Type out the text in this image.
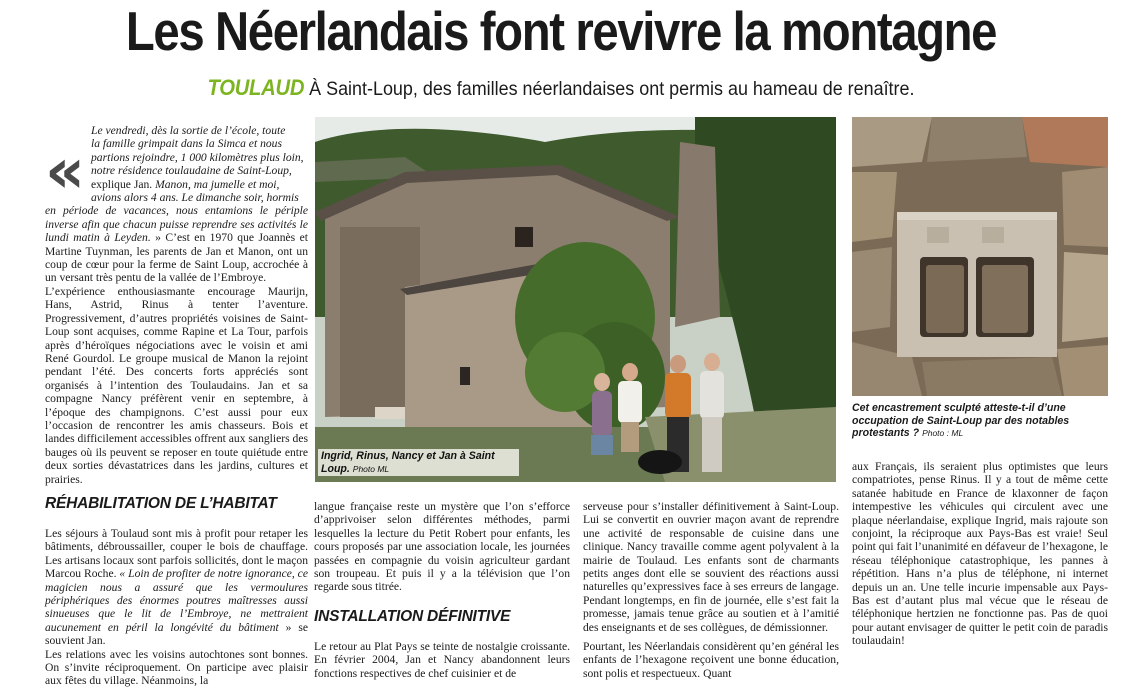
Les Néerlandais font revivre la montagne
TOULAUD À Saint-Loup, des familles néerlandaises ont permis au hameau de renaître.
«

Le vendredi, dès la sortie de l’école, toute

la famille grimpait dans la Simca et nous

partions rejoindre, 1 000 kilomètres plus loin,

notre résidence toulaudaine de Saint-Loup,

explique Jan. Manon, ma jumelle et moi,

avions alors 4 ans. Le dimanche soir, hormis

en période de vacances, nous entamions le périple inverse afin que chacun puisse reprendre ses activités le lundi matin à Leyden. » C’est en 1970 que Joannès et Martine Tuynman, les parents de Jan et Manon, ont un coup de cœur pour la ferme de Saint Loup, accrochée à un versant très pentu de la vallée de l’Embroye.

L’expérience enthousiasmante encourage Maurijn, Hans, Astrid, Rinus à tenter l’aventure. Progressivement, d’autres propriétés voisines de Saint-Loup sont acquises, comme Rapine et La Tour, parfois après d’héroïques négociations avec le voisin et ami René Gourdol. Le groupe musical de Manon la rejoint pendant l’été. Des concerts forts appréciés sont organisés à l’intention des Toulaudains. Jan et sa compagne Nancy préfèrent venir en septembre, à l’époque des champignons. C’est aussi pour eux l’occasion de rencontrer les amis chasseurs. Bois et landes difficilement accessibles offrent aux sangliers des bauges où ils peuvent se reposer en toute quiétude entre deux sorties dévastatrices dans les jardins, cultures et prairies.

RÉHABILITATION DE L’HABITAT

Les séjours à Toulaud sont mis à profit pour retaper les bâtiments, débroussailler, couper le bois de chauffage. Les artisans locaux sont parfois sollicités, dont le maçon Marcou Roche. « Loin de profiter de notre ignorance, ce magicien nous a assuré que les vermoulures périphériques des énormes poutres maîtresses aussi sinueuses que le lit de l’Embroye, ne mettraient aucunement en péril la longévité du bâtiment » se souvient Jan.

Les relations avec les voisins autochtones sont bonnes. On s’invite réciproquement. On participe avec plaisir aux fêtes du village. Néanmoins, la

Ingrid, Rinus, Nancy et Jan à Saint Loup. Photo ML
Cet encastrement sculpté atteste-t-il d’une occupation de Saint-Loup par des notables protestants ? Photo : ML
langue française reste un mystère que l’on s’efforce d’apprivoiser selon différentes méthodes, parmi lesquelles la lecture du Petit Robert pour enfants, les cours proposés par une association locale, les journées passées en compagnie du voisin agriculteur gardant son troupeau. Et puis il y a la télévision que l’on regarde sous titrée.
INSTALLATION DÉFINITIVE
Le retour au Plat Pays se teinte de nostalgie croissante. En février 2004, Jan et Nancy abandonnent leurs fonctions respectives de chef cuisinier et de
serveuse pour s’installer définitivement à Saint-Loup. Lui se convertit en ouvrier maçon avant de reprendre une activité de responsable de cuisine dans une clinique. Nancy travaille comme agent polyvalent à la mairie de Toulaud. Les enfants sont de charmants petits anges dont elle se souvient des réactions aussi naturelles qu’expressives face à ses erreurs de langage. Pendant longtemps, en fin de journée, elle s’est fait la promesse, jamais tenue grâce au soutien et à l’amitié des enseignants et de ses collègues, de démissionner.
Pourtant, les Néerlandais considèrent qu’en général les enfants de l’hexagone reçoivent une bonne éducation, sont polis et respectueux. Quant
aux Français, ils seraient plus optimistes que leurs compatriotes, pense Rinus. Il y a tout de même cette satanée habitude en France de klaxonner de façon intempestive les véhicules qui circulent avec une plaque néerlandaise, explique Ingrid, mais rajoute son conjoint, la réciproque aux Pays-Bas est vraie! Seul point qui fait l’unanimité en défaveur de l’hexagone, le réseau téléphonique catastrophique, les pannes à répétition. Hans n’a plus de téléphone, ni internet depuis un an. Une telle incurie impensable aux Pays-Bas est d’autant plus mal vécue que le réseau de téléphonique hertzien ne fonctionne pas. Pas de quoi pour autant envisager de quitter le petit coin de paradis toulaudain!
